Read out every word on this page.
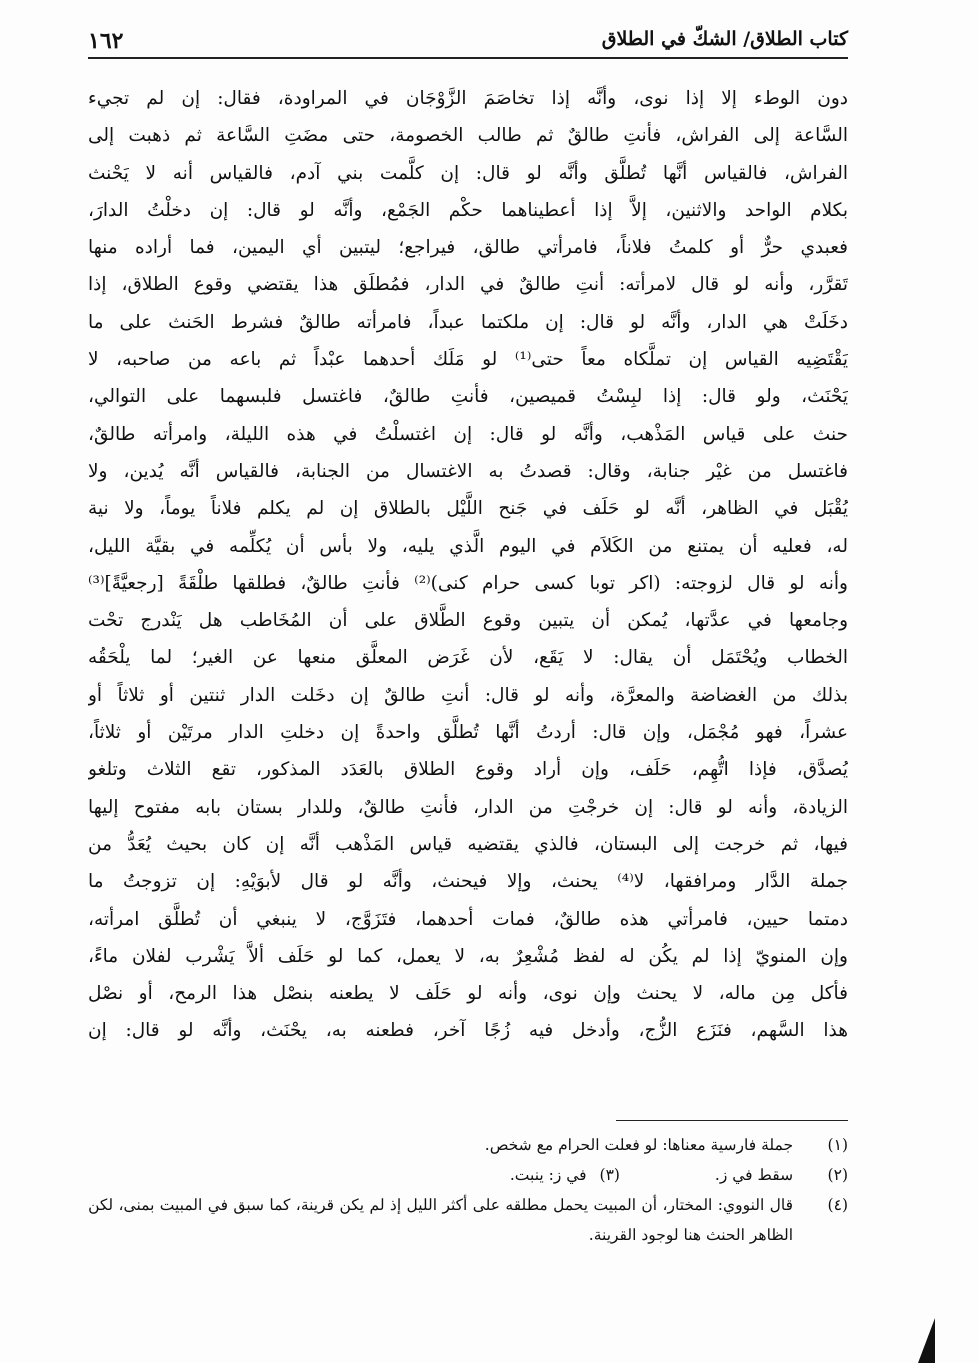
كتاب الطلاق/ الشكّ في الطلاق
١٦٢
دون الوطء إلا إذا نوى، وأنَّه إذا تخاصَمَ الزَّوْجَان في المراودة، فقال: إن لم تجيء
السَّاعة إلى الفراش، فأنتِ طالقٌ ثم طالب الخصومة، حتى مضَتِ السَّاعة ثم ذهبت إلى
الفراش، فالقياس أنَّها تُطلَّق وأنَّه لو قال: إن كلَّمت بني آدم، فالقياس أنه لا يَحْنث
بكلام الواحد والاثنين، إلاَّ إذا أعطيناهما حكْم الجَمْع، وأنَّه لو قال: إن دخلْتُ الدارَ،
فعبدي حرٌّ أو كلمتُ فلاناً، فامرأتي طالق، فيراجع؛ ليتبين أي اليمين، فما أراده منها
تَقرَّر، وأنه لو قال لامرأته: أنتِ طالقٌ في الدار، فمُطلَق هذا يقتضي وقوع الطلاق، إذا
دخَلَتْ هي الدار، وأنَّه لو قال: إن ملكتما عبداً، فامرأته طالقٌ فشرط الحَنث على ما
يَقْتَضِيه القياس إن تملَّكاه معاً حتى⁽¹⁾ لو مَلَك أحدهما عبْداً ثم باعه من صاحبه، لا
يَحْنَث، ولو قال: إذا لبِسْتُ قميصين، فأنتِ طالقٌ، فاغتسل فلبسهما على التوالي،
حنث على قياس المَذْهب، وأنَّه لو قال: إن اغتسلْتُ في هذه الليلة، وامرأته طالقٌ،
فاغتسل من غيْر جنابة، وقال: قصدتُ به الاغتسال من الجنابة، فالقياس أنَّه يُدين، ولا
يُقْبَل في الظاهر، أنَّه لو حَلَف في جَنح اللَّيْل بالطلاق إن لم يكلم فلاناً يوماً، ولا نية
له، فعليه أن يمتنع من الكَلاَم في اليوم الَّذي يليه، ولا بأس أن يُكلِّمه في بقيَّة الليل،
وأنه لو قال لزوجته: (اكر توبا كسى حرام كنى)⁽²⁾ فأنتِ طالقٌ، فطلقها طلْقَةً [رجعيَّةً]⁽³⁾
وجامعها في عدَّتها، يُمكن أن يتبين وقوع الطَّلاق على أن المُخَاطب هل يَنْدرج تحْت
الخطاب ويُحْتَمَل أن يقال: لا يَقَع، لأن غَرَض المعلَّق منعها عن الغير؛ لما يلْحَقُه
بذلك من الغضاضة والمعرَّة، وأنه لو قال: أنتِ طالقٌ إن دخَلت الدار ثنتين أو ثلاثاً أو
عشراً، فهو مُجْمَل، وإن قال: أردتُ أنَّها تُطلَّق واحدةً إن دخلتِ الدار مرتَيْن أو ثلاثاً،
يُصدَّق، فإذا اتُّهِم، حَلَف، وإن أراد وقوع الطلاق بالعَدَد المذكور، تقع الثلاث وتلغو
الزيادة، وأنه لو قال: إن خرجْتِ من الدار، فأنتِ طالقٌ، وللدار بستان بابه مفتوح إليها
فيها، ثم خرجت إلى البستان، فالذي يقتضيه قياس المَذْهب أنَّه إن كان بحيث يُعَدُّ من
جملة الدَّار ومرافقها، لا⁽⁴⁾ يحنث، وإلا فيحنث، وأنَّه لو قال لأبوَيْهِ: إن تزوجتُ ما
دمتما حيين، فامرأتي هذه طالقٌ، فمات أحدهما، فتَزَوَّج، لا ينبغي أن تُطلَّق امرأته،
وإن المنويّ إذا لم يكُن له لفظ مُشْعِرٌ به، لا يعمل، كما لو حَلَف ألاَّ يَشْرب لفلان ماءً،
فأكل مِن ماله، لا يحنث وإن نوى، وأنه لو حَلَف لا يطعنه بنصْل هذا الرمح، أو نصْل
هذا السَّهم، فنَزَع الزُّج، وأدخل فيه زُجًا آخر، فطعنه به، يحْنَث، وأنَّه لو قال: إن
(١) جملة فارسية معناها: لو فعلت الحرام مع شخص.
(٢) سقط في ز. (٣) في ز: ينبت.
(٤) قال النووي: المختار، أن المبيت يحمل مطلقه على أكثر الليل إذ لم يكن قرينة، كما سبق في المبيت بمنى، لكن الظاهر الحنث هنا لوجود القرينة.
